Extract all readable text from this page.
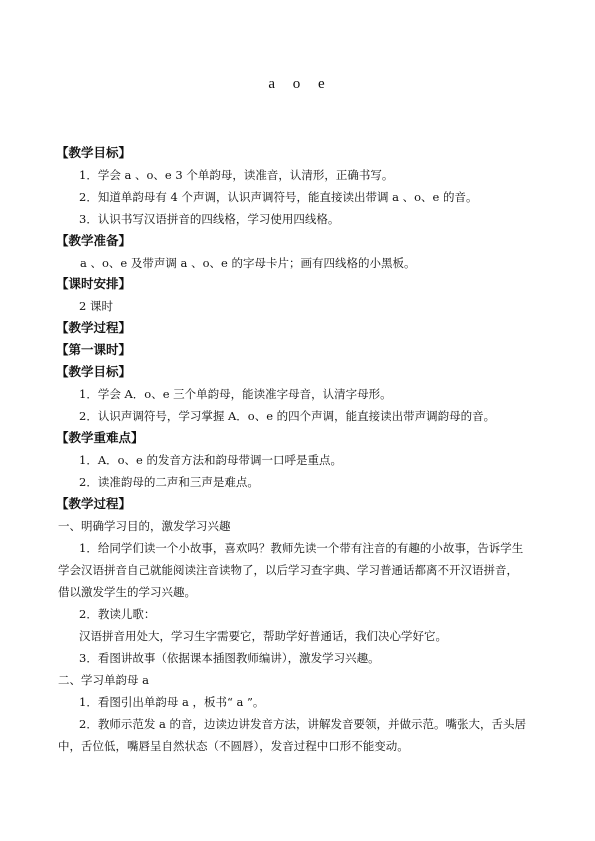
a o e
【教学目标】
1．学会 a 、o、e 3 个单韵母，读准音，认清形，正确书写。
2．知道单韵母有 4 个声调，认识声调符号，能直接读出带调 a 、o、e 的音。
3．认识书写汉语拼音的四线格，学习使用四线格。
【教学准备】
a 、o、e 及带声调 a 、o、e 的字母卡片；画有四线格的小黑板。
【课时安排】
2 课时
【教学过程】
【第一课时】
【教学目标】
1．学会 A．o、e 三个单韵母，能读准字母音，认清字母形。
2．认识声调符号，学习掌握 A．o、e 的四个声调，能直接读出带声调韵母的音。
【教学重难点】
1．A．o、e 的发音方法和韵母带调一口呼是重点。
2．读准韵母的二声和三声是难点。
【教学过程】
一、明确学习目的，激发学习兴趣
1．给同学们读一个小故事，喜欢吗？教师先读一个带有注音的有趣的小故事，告诉学生
学会汉语拼音自己就能阅读注音读物了，以后学习查字典、学习普通话都离不开汉语拼音，
借以激发学生的学习兴趣。
2．教读儿歌：
汉语拼音用处大，学习生字需要它，帮助学好普通话，我们决心学好它。
3．看图讲故事（依据课本插图教师编讲），激发学习兴趣。
二、学习单韵母 a
1．看图引出单韵母 a ，板书“ a ”。
2．教师示范发 a 的音，边读边讲发音方法，讲解发音要领，并做示范。嘴张大，舌头居
中，舌位低，嘴唇呈自然状态（不圆唇），发音过程中口形不能变动。
